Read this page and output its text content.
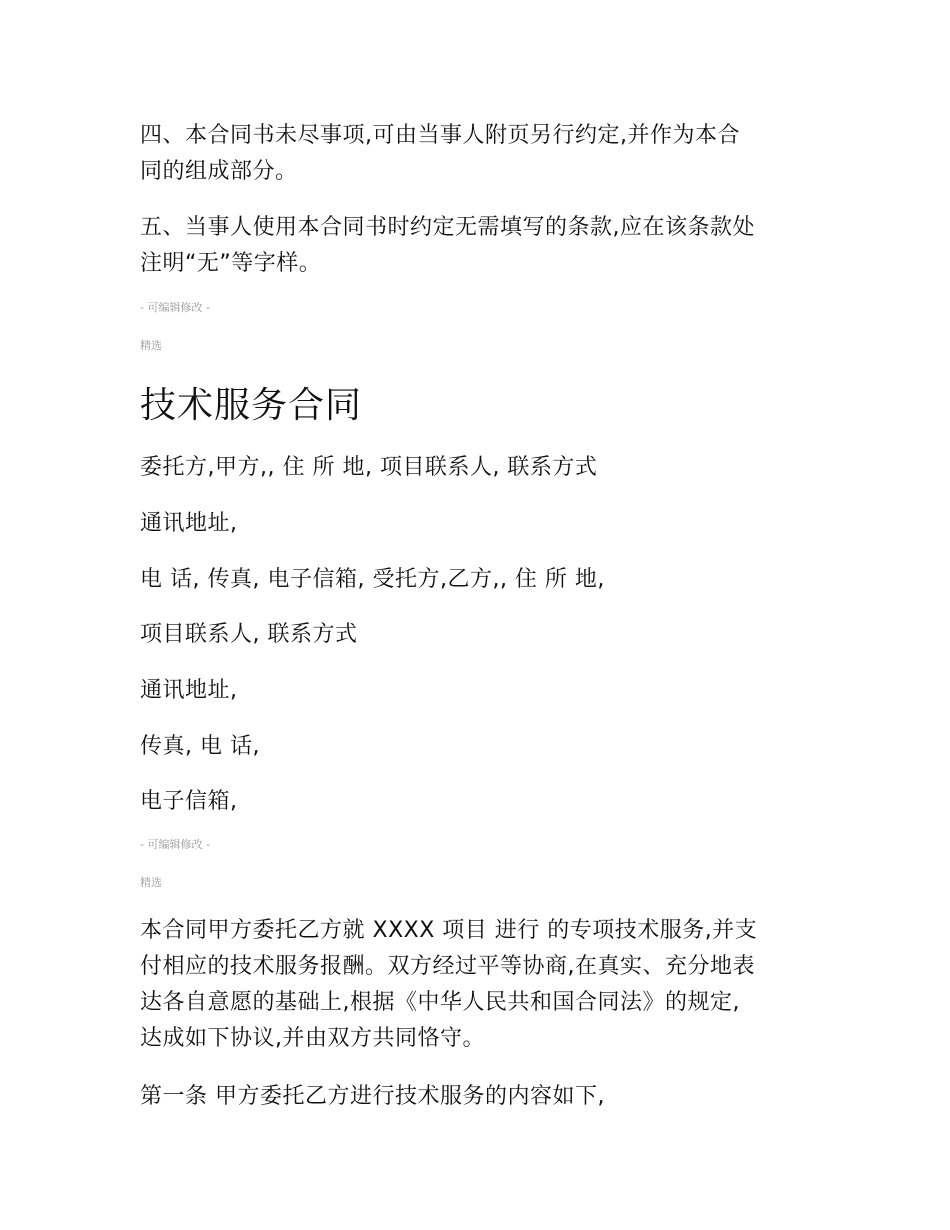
四、本合同书未尽事项,可由当事人附页另行约定,并作为本合
同的组成部分。

五、当事人使用本合同书时约定无需填写的条款,应在该条款处
注明“无”等字样。

- 可编辑修改 -

精选

技术服务合同

委托方,甲方,, 住 所 地, 项目联系人, 联系方式

通讯地址,

电 话, 传真, 电子信箱, 受托方,乙方,, 住 所 地,

项目联系人, 联系方式

通讯地址,

传真, 电 话,

电子信箱,

- 可编辑修改 -

精选

本合同甲方委托乙方就 XXXX 项目 进行 的专项技术服务,并支
付相应的技术服务报酬。双方经过平等协商,在真实、充分地表
达各自意愿的基础上,根据《中华人民共和国合同法》的规定,
达成如下协议,并由双方共同恪守。

第一条 甲方委托乙方进行技术服务的内容如下,
